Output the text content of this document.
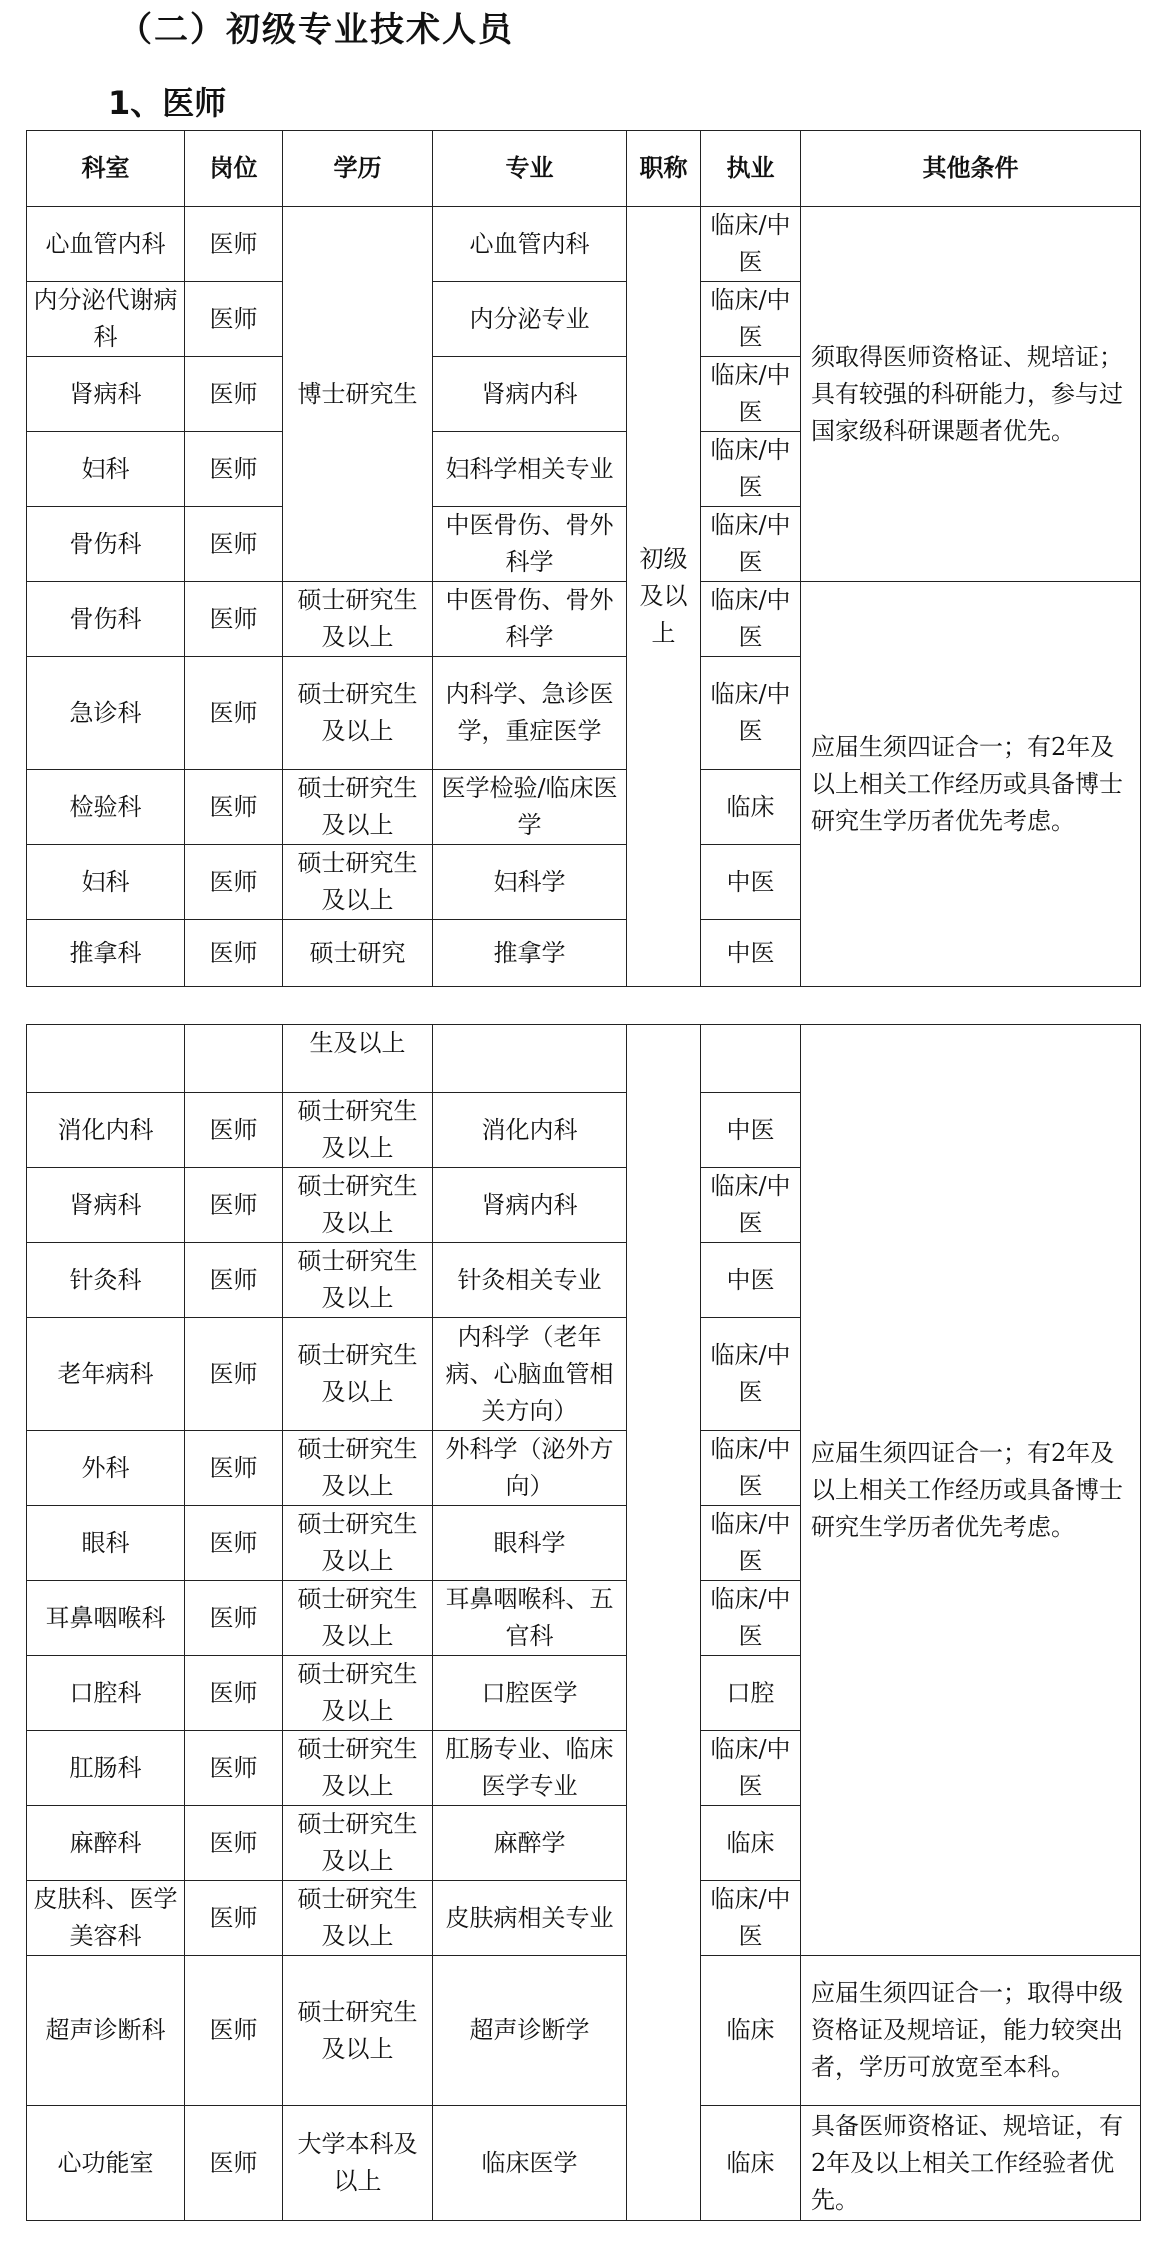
（二）初级专业技术人员
1、医师
科室	岗位	学历	专业	职称	执业	其他条件
心血管内科	医师	博士研究生	心血管内科	初级及以上	临床/中医	须取得医师资格证、规培证；具有较强的科研能力，参与过国家级科研课题者优先。
内分泌代谢病科	医师		内分泌专业		临床/中医	
肾病科	医师		肾病内科		临床/中医	
妇科	医师		妇科学相关专业		临床/中医	
骨伤科	医师		中医骨伤、骨外科学		临床/中医	
骨伤科	医师	硕士研究生及以上	中医骨伤、骨外科学		临床/中医	应届生须四证合一；有2年及以上相关工作经历或具备博士研究生学历者优先考虑。
急诊科	医师	硕士研究生及以上	内科学、急诊医学，重症医学		临床/中医	
检验科	医师	硕士研究生及以上	医学检验/临床医学		临床	
妇科	医师	硕士研究生及以上	妇科学		中医	
推拿科	医师	硕士研究	推拿学		中医	
		生及以上				应届生须四证合一；有2年及以上相关工作经历或具备博士研究生学历者优先考虑。
消化内科	医师	硕士研究生及以上	消化内科		中医	
肾病科	医师	硕士研究生及以上	肾病内科		临床/中医	
针灸科	医师	硕士研究生及以上	针灸相关专业		中医	
老年病科	医师	硕士研究生及以上	内科学（老年病、心脑血管相关方向）		临床/中医	
外科	医师	硕士研究生及以上	外科学（泌外方向）		临床/中医	
眼科	医师	硕士研究生及以上	眼科学		临床/中医	
耳鼻咽喉科	医师	硕士研究生及以上	耳鼻咽喉科、五官科		临床/中医	
口腔科	医师	硕士研究生及以上	口腔医学		口腔	
肛肠科	医师	硕士研究生及以上	肛肠专业、临床医学专业		临床/中医	
麻醉科	医师	硕士研究生及以上	麻醉学		临床	
皮肤科、医学美容科	医师	硕士研究生及以上	皮肤病相关专业		临床/中医	
超声诊断科	医师	硕士研究生及以上	超声诊断学		临床	应届生须四证合一；取得中级资格证及规培证，能力较突出者，学历可放宽至本科。
心功能室	医师	大学本科及以上	临床医学		临床	具备医师资格证、规培证，有2年及以上相关工作经验者优先。
